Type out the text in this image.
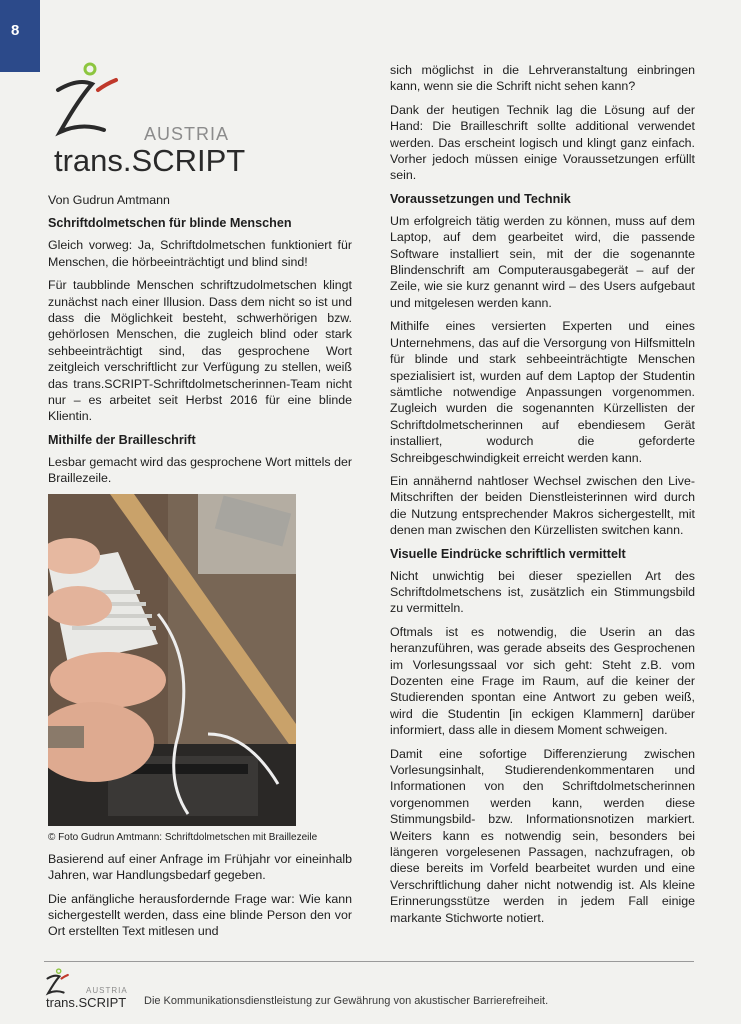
8
AUSTRIA
trans.SCRIPT

Von Gudrun Amtmann

Schriftdolmetschen für blinde Menschen

Gleich vorweg: Ja, Schriftdolmetschen funktioniert für Menschen, die hörbeeinträchtigt und blind sind!

Für taubblinde Menschen schriftzudolmetschen klingt zunächst nach einer Illusion. Dass dem nicht so ist und dass die Möglichkeit besteht, schwerhörigen bzw. gehörlosen Menschen, die zugleich blind oder stark sehbeeinträchtigt sind, das gesprochene Wort zeitgleich verschriftlicht zur Verfügung zu stellen, weiß das trans.SCRIPT-Schriftdolmetscherinnen-Team nicht nur – es arbeitet seit Herbst 2016 für eine blinde Klientin.

Mithilfe der Brailleschrift

Lesbar gemacht wird das gesprochene Wort mittels der Braillezeile.

© Foto Gudrun Amtmann: Schriftdolmetschen mit Braillezeile

Basierend auf einer Anfrage im Frühjahr vor eineinhalb Jahren, war Handlungsbedarf gegeben.

Die anfängliche herausfordernde Frage war: Wie kann sichergestellt werden, dass eine blinde Person den vor Ort erstellten Text mitlesen und

sich möglichst in die Lehrveranstaltung einbringen kann, wenn sie die Schrift nicht sehen kann?

Dank der heutigen Technik lag die Lösung auf der Hand: Die Brailleschrift sollte additional verwendet werden. Das erscheint logisch und klingt ganz einfach. Vorher jedoch müssen einige Voraussetzungen erfüllt sein.

Voraussetzungen und Technik

Um erfolgreich tätig werden zu können, muss auf dem Laptop, auf dem gearbeitet wird, die passende Software installiert sein, mit der die sogenannte Blindenschrift am Computerausgabegerät – auf der Zeile, wie sie kurz genannt wird – des Users aufgebaut und mitgelesen werden kann.

Mithilfe eines versierten Experten und eines Unternehmens, das auf die Versorgung von Hilfsmitteln für blinde und stark sehbeeinträchtigte Menschen spezialisiert ist, wurden auf dem Laptop der Studentin sämtliche notwendige Anpassungen vorgenommen. Zugleich wurden die sogenannten Kürzellisten der Schriftdolmetscherinnen auf ebendiesem Gerät installiert, wodurch die geforderte Schreibgeschwindigkeit erreicht werden kann.

Ein annähernd nahtloser Wechsel zwischen den Live-Mitschriften der beiden Dienstleisterinnen wird durch die Nutzung entsprechender Makros sichergestellt, mit denen man zwischen den Kürzellisten switchen kann.

Visuelle Eindrücke schriftlich vermittelt

Nicht unwichtig bei dieser speziellen Art des Schriftdolmetschens ist, zusätzlich ein Stimmungsbild zu vermitteln.

Oftmals ist es notwendig, die Userin an das heranzuführen, was gerade abseits des Gesprochenen im Vorlesungssaal vor sich geht: Steht z.B. vom Dozenten eine Frage im Raum, auf die keiner der Studierenden spontan eine Antwort zu geben weiß, wird die Studentin [in eckigen Klammern] darüber informiert, dass alle in diesem Moment schweigen.

Damit eine sofortige Differenzierung zwischen Vorlesungsinhalt, Studierendenkommentaren und Informationen von den Schriftdolmetscherinnen vorgenommen werden kann, werden diese Stimmungsbild- bzw. Informationsnotizen markiert. Weiters kann es notwendig sein, besonders bei längeren vorgelesenen Passagen, nachzufragen, ob diese bereits im Vorfeld bearbeitet wurden und eine Verschriftlichung daher nicht notwendig ist. Als kleine Erinnerungsstütze werden in jedem Fall einige markante Stichworte notiert.

AUSTRIA
trans.SCRIPT Die Kommunikationsdienstleistung zur Gewährung von akustischer Barrierefreiheit.
